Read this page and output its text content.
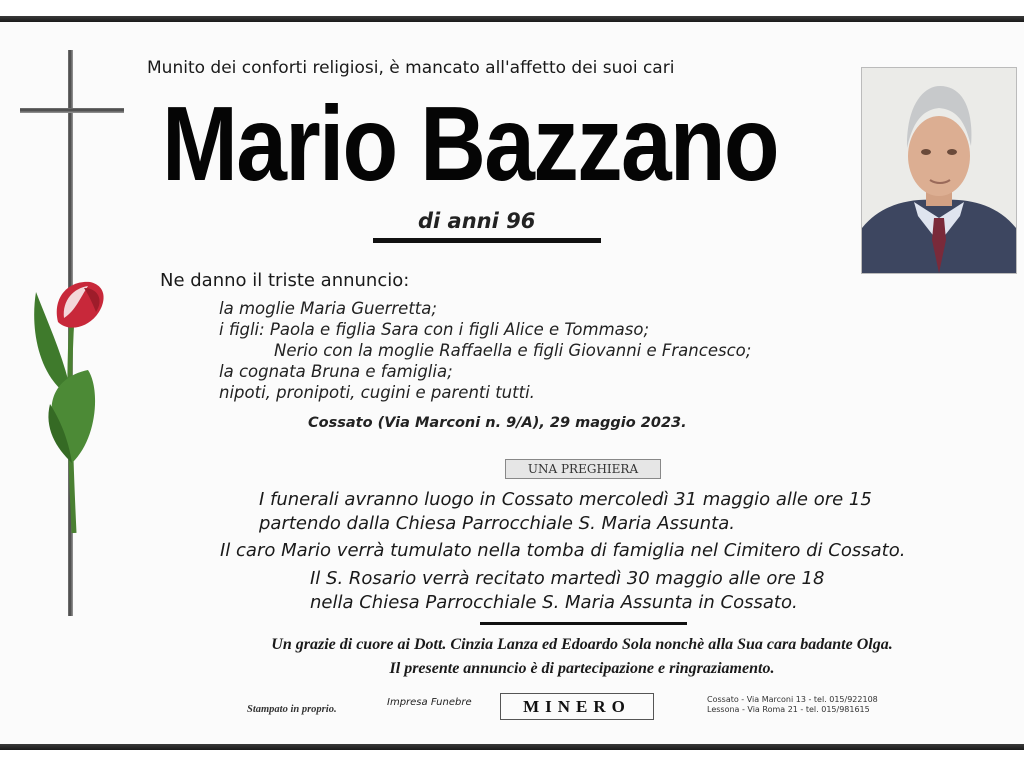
Munito dei conforti religiosi, è mancato all'affetto dei suoi cari
Mario Bazzano
di anni 96
Ne danno il triste annuncio:
la moglie Maria Guerretta;
i figli: Paola e figlia Sara con i figli Alice e Tommaso;
Nerio con la moglie Raffaella e figli Giovanni e Francesco;
la cognata Bruna e famiglia;
nipoti, pronipoti, cugini e parenti tutti.
Cossato (Via Marconi n. 9/A), 29 maggio 2023.
UNA PREGHIERA
I funerali avranno luogo in Cossato mercoledì 31 maggio alle ore 15
partendo dalla Chiesa Parrocchiale S. Maria Assunta.
Il caro Mario verrà tumulato nella tomba di famiglia nel Cimitero di Cossato.
Il S. Rosario verrà recitato martedì 30 maggio alle ore 18
nella Chiesa Parrocchiale S. Maria Assunta in Cossato.
Un grazie di cuore ai Dott. Cinzia Lanza ed Edoardo Sola nonchè alla Sua cara badante Olga.
Il presente annuncio è di partecipazione e ringraziamento.
Stampato in proprio.
Impresa Funebre	MINERO	Cossato - Via Marconi 13 - tel. 015/922108
Lessona - Via Roma 21 - tel. 015/981615
